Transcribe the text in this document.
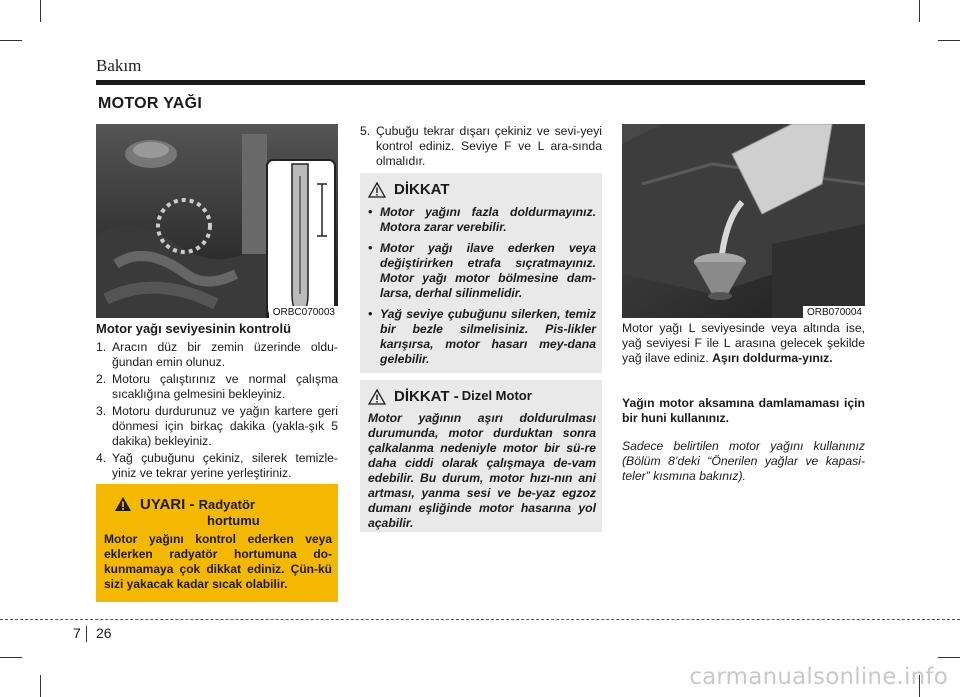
Bakım
MOTOR YAĞI
ORBC070003
Motor yağı seviyesinin kontrolü
1. Aracın düz bir zemin üzerinde oldu-ğundan emin olunuz.
2. Motoru çalıştırınız ve normal çalışma sıcaklığına gelmesini bekleyiniz.
3. Motoru durdurunuz ve yağın kartere geri dönmesi için birkaç dakika (yakla-şık 5 dakika) bekleyiniz.
4. Yağ çubuğunu çekiniz, silerek temizle-yiniz ve tekrar yerine yerleştiriniz.
UYARI - Radyatör
hortumu
Motor yağını kontrol ederken veya eklerken radyatör hortumuna do-kunmamaya çok dikkat ediniz. Çün-kü sizi yakacak kadar sıcak olabilir.
5. Çubuğu tekrar dışarı çekiniz ve sevi-yeyi kontrol ediniz. Seviye F ve L ara-sında olmalıdır.
DİKKAT
• Motor yağını fazla doldurmayınız. Motora zarar verebilir.
• Motor yağı ilave ederken veya değiştirirken etrafa sıçratmayınız. Motor yağı motor bölmesine dam-larsa, derhal silinmelidir.
• Yağ seviye çubuğunu silerken, temiz bir bezle silmelisiniz. Pis-likler karışırsa, motor hasarı mey-dana gelebilir.
DİKKAT - Dizel Motor
Motor yağının aşırı doldurulması durumunda, motor durduktan sonra çalkalanma nedeniyle motor bir sü-re daha ciddi olarak çalışmaya de-vam edebilir. Bu durum, motor hızı-nın ani artması, yanma sesi ve be-yaz egzoz dumanı eşliğinde motor hasarına yol açabilir.
ORB070004
Motor yağı L seviyesinde veya altında ise, yağ seviyesi F ile L arasına gelecek şekilde yağ ilave ediniz. Aşırı doldurma-yınız.
Yağın motor aksamına damlamaması için bir huni kullanınız.
Sadece belirtilen motor yağını kullanınız (Bölüm 8’deki “Önerilen yağlar ve kapasi-teler” kısmına bakınız).
7 26
carmanualsonline.info
